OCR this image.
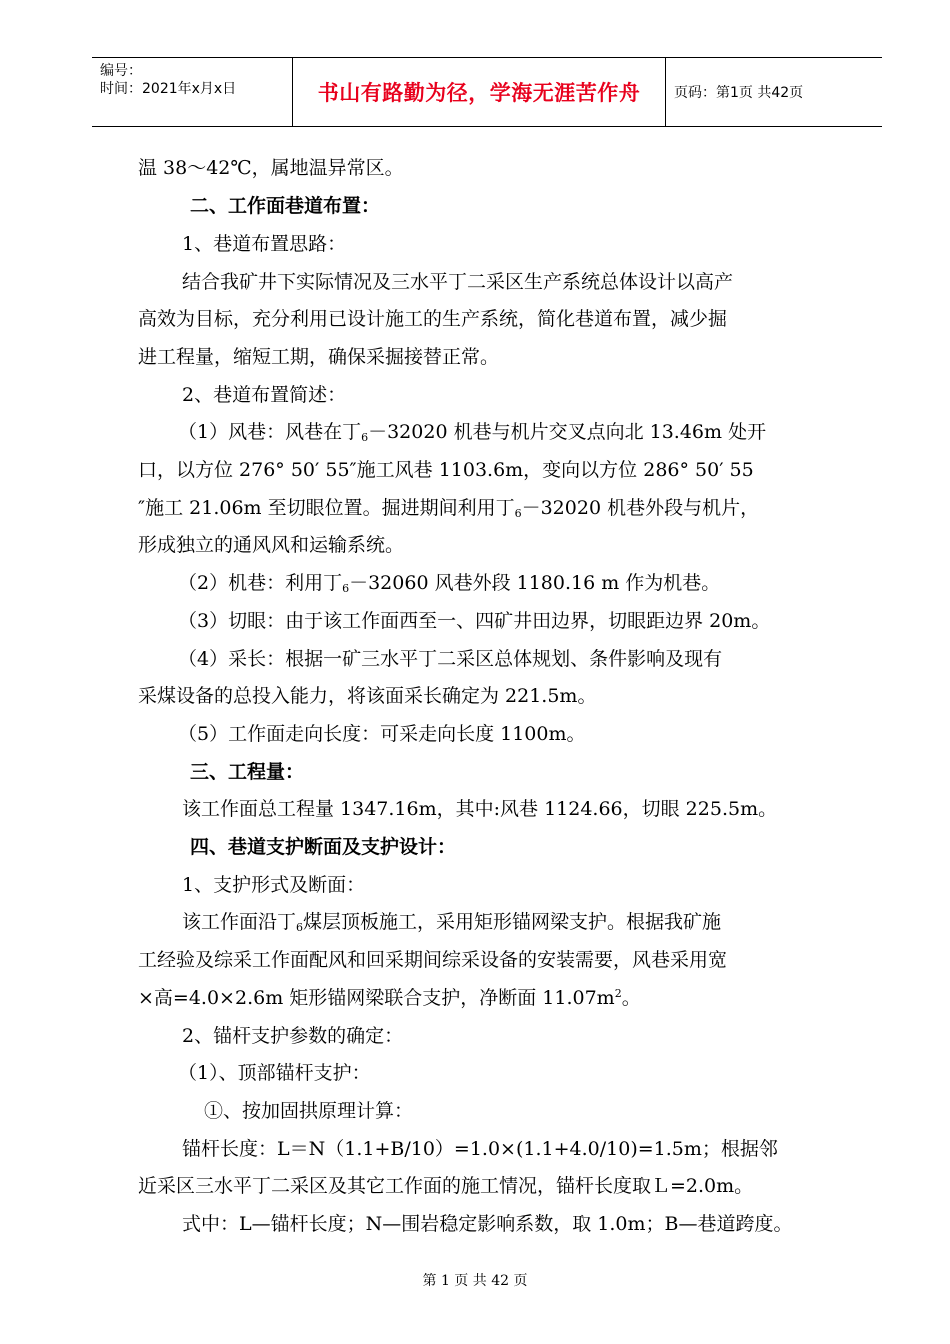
编号：
时间：2021年x月x日	书山有路勤为径，学海无涯苦作舟	页码：第1页 共42页
温 38～42℃，属地温异常区。
二、工作面巷道布置：
1、巷道布置思路：
结合我矿井下实际情况及三水平丁二采区生产系统总体设计以高产
高效为目标，充分利用已设计施工的生产系统，简化巷道布置，减少掘
进工程量，缩短工期，确保采掘接替正常。
2、巷道布置简述：
（1）风巷：风巷在丁$_6$－32020 机巷与机片交叉点向北 13.46m 处开
口，以方位 276° 50′ 55″施工风巷 1103.6m，变向以方位 286° 50′ 55
″施工 21.06m 至切眼位置。掘进期间利用丁$_6$－32020 机巷外段与机片，
形成独立的通风风和运输系统。
（2）机巷：利用丁$_6$－32060 风巷外段 1180.16 m 作为机巷。
（3）切眼：由于该工作面西至一、四矿井田边界，切眼距边界 20m。
（4）采长：根据一矿三水平丁二采区总体规划、条件影响及现有
采煤设备的总投入能力，将该面采长确定为 221.5m。
（5）工作面走向长度：可采走向长度 1100m。
三、工程量：
该工作面总工程量 1347.16m，其中:风巷 1124.66，切眼 225.5m。
四、巷道支护断面及支护设计：
1、支护形式及断面：
该工作面沿丁$_6$煤层顶板施工，采用矩形锚网梁支护。根据我矿施
工经验及综采工作面配风和回采期间综采设备的安装需要，风巷采用宽
×高=4.0×2.6m 矩形锚网梁联合支护，净断面 $11.07m^2$。
2、锚杆支护参数的确定：
（1）、顶部锚杆支护：
①、按加固拱原理计算：
锚杆长度：L＝N（1.1+B/10）=1.0×(1.1+4.0/10)=1.5m；根据邻
近采区三水平丁二采区及其它工作面的施工情况，锚杆长度取Ｌ=2.0m。
式中：L—锚杆长度；N—围岩稳定影响系数，取 1.0m；B—巷道跨度。
第 1 页 共 42 页
